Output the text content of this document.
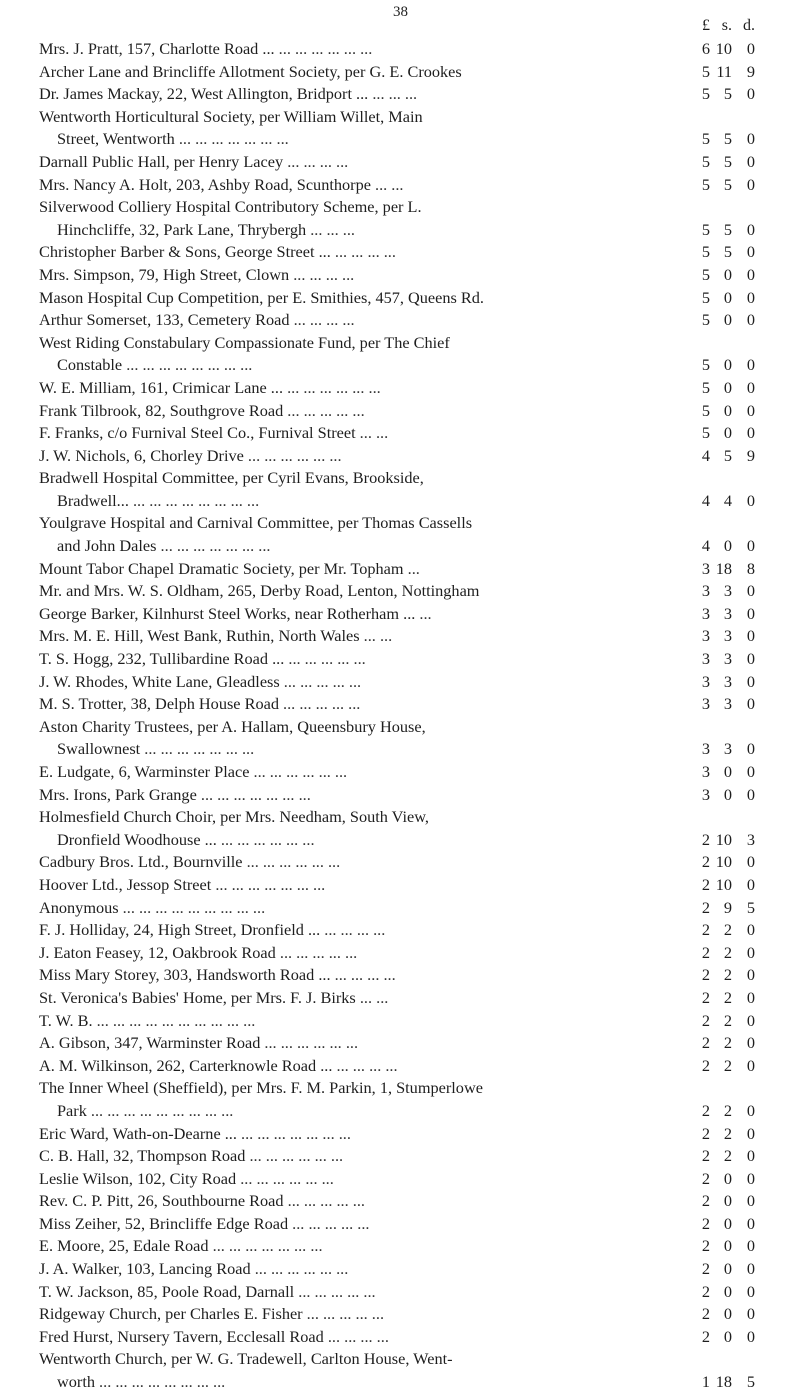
38
£ s. d.
Mrs. J. Pratt, 157, Charlotte Road ... ... ... ... ... ... ...	6 10 0
Archer Lane and Brincliffe Allotment Society, per G. E. Crookes	5 11 9
Dr. James Mackay, 22, West Allington, Bridport ... ... ... ...	5 5 0
Wentworth Horticultural Society, per William Willet, Main
Street, Wentworth ... ... ... ... ... ... ...	5 5 0
Darnall Public Hall, per Henry Lacey ... ... ... ...	5 5 0
Mrs. Nancy A. Holt, 203, Ashby Road, Scunthorpe ... ...	5 5 0
Silverwood Colliery Hospital Contributory Scheme, per L.
Hinchcliffe, 32, Park Lane, Thrybergh ... ... ...	5 5 0
Christopher Barber & Sons, George Street ... ... ... ... ...	5 5 0
Mrs. Simpson, 79, High Street, Clown ... ... ... ...	5 0 0
Mason Hospital Cup Competition, per E. Smithies, 457, Queens Rd.	5 0 0
Arthur Somerset, 133, Cemetery Road ... ... ... ...	5 0 0
West Riding Constabulary Compassionate Fund, per The Chief
Constable ... ... ... ... ... ... ... ...	5 0 0
W. E. Milliam, 161, Crimicar Lane ... ... ... ... ... ... ...	5 0 0
Frank Tilbrook, 82, Southgrove Road ... ... ... ... ...	5 0 0
F. Franks, c/o Furnival Steel Co., Furnival Street ... ...	5 0 0
J. W. Nichols, 6, Chorley Drive ... ... ... ... ... ...	4 5 9
Bradwell Hospital Committee, per Cyril Evans, Brookside,
Bradwell... ... ... ... ... ... ... ... ...	4 4 0
Youlgrave Hospital and Carnival Committee, per Thomas Cassells
and John Dales ... ... ... ... ... ... ...	4 0 0
Mount Tabor Chapel Dramatic Society, per Mr. Topham ...	3 18 8
Mr. and Mrs. W. S. Oldham, 265, Derby Road, Lenton, Nottingham	3 3 0
George Barker, Kilnhurst Steel Works, near Rotherham ... ...	3 3 0
Mrs. M. E. Hill, West Bank, Ruthin, North Wales ... ...	3 3 0
T. S. Hogg, 232, Tullibardine Road ... ... ... ... ... ...	3 3 0
J. W. Rhodes, White Lane, Gleadless ... ... ... ... ...	3 3 0
M. S. Trotter, 38, Delph House Road ... ... ... ... ...	3 3 0
Aston Charity Trustees, per A. Hallam, Queensbury House,
Swallownest ... ... ... ... ... ... ...	3 3 0
E. Ludgate, 6, Warminster Place ... ... ... ... ... ...	3 0 0
Mrs. Irons, Park Grange ... ... ... ... ... ... ...	3 0 0
Holmesfield Church Choir, per Mrs. Needham, South View,
Dronfield Woodhouse ... ... ... ... ... ... ...	2 10 3
Cadbury Bros. Ltd., Bournville ... ... ... ... ... ...	2 10 0
Hoover Ltd., Jessop Street ... ... ... ... ... ... ...	2 10 0
Anonymous ... ... ... ... ... ... ... ... ...	2 9 5
F. J. Holliday, 24, High Street, Dronfield ... ... ... ... ...	2 2 0
J. Eaton Feasey, 12, Oakbrook Road ... ... ... ... ...	2 2 0
Miss Mary Storey, 303, Handsworth Road ... ... ... ... ...	2 2 0
St. Veronica's Babies' Home, per Mrs. F. J. Birks ... ...	2 2 0
T. W. B. ... ... ... ... ... ... ... ... ... ...	2 2 0
A. Gibson, 347, Warminster Road ... ... ... ... ... ...	2 2 0
A. M. Wilkinson, 262, Carterknowle Road ... ... ... ... ...	2 2 0
The Inner Wheel (Sheffield), per Mrs. F. M. Parkin, 1, Stumperlowe
Park ... ... ... ... ... ... ... ... ...	2 2 0
Eric Ward, Wath-on-Dearne ... ... ... ... ... ... ... ...	2 2 0
C. B. Hall, 32, Thompson Road ... ... ... ... ... ...	2 2 0
Leslie Wilson, 102, City Road ... ... ... ... ... ...	2 0 0
Rev. C. P. Pitt, 26, Southbourne Road ... ... ... ... ...	2 0 0
Miss Zeiher, 52, Brincliffe Edge Road ... ... ... ... ...	2 0 0
E. Moore, 25, Edale Road ... ... ... ... ... ... ...	2 0 0
J. A. Walker, 103, Lancing Road ... ... ... ... ... ...	2 0 0
T. W. Jackson, 85, Poole Road, Darnall ... ... ... ... ...	2 0 0
Ridgeway Church, per Charles E. Fisher ... ... ... ... ...	2 0 0
Fred Hurst, Nursery Tavern, Ecclesall Road ... ... ... ...	2 0 0
Wentworth Church, per W. G. Tradewell, Carlton House, Went-
worth ... ... ... ... ... ... ... ...	1 18 5
